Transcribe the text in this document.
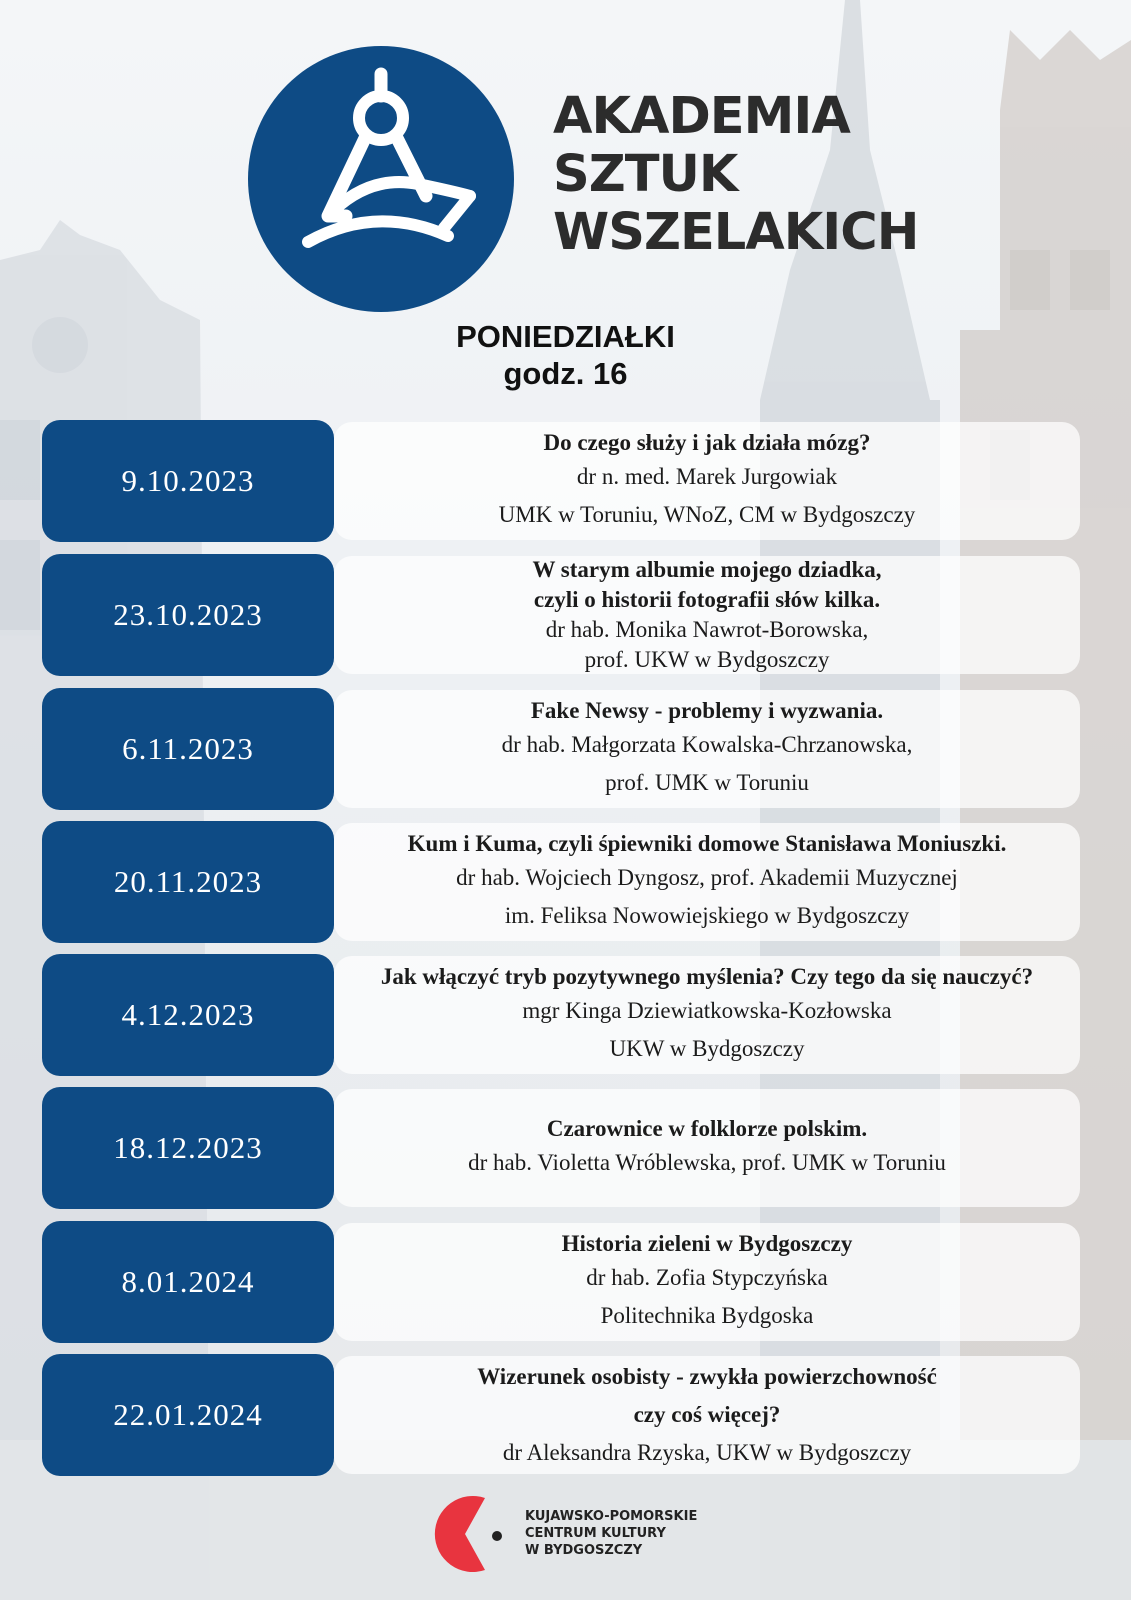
AKADEMIA
SZTUK
WSZELAKICH
PONIEDZIAŁKI
godz. 16
9.10.2023
Do czego służy i jak działa mózg?
dr n. med. Marek Jurgowiak
UMK w Toruniu, WNoZ, CM w Bydgoszczy
23.10.2023
W starym albumie mojego dziadka,
czyli o historii fotografii słów kilka.
dr hab. Monika Nawrot-Borowska,
prof. UKW w Bydgoszczy
6.11.2023
Fake Newsy - problemy i wyzwania.
dr hab. Małgorzata Kowalska-Chrzanowska,
prof. UMK w Toruniu
20.11.2023
Kum i Kuma, czyli śpiewniki domowe Stanisława Moniuszki.
dr hab. Wojciech Dyngosz, prof. Akademii Muzycznej
im. Feliksa Nowowiejskiego w Bydgoszczy
4.12.2023
Jak włączyć tryb pozytywnego myślenia? Czy tego da się nauczyć?
mgr Kinga Dziewiatkowska-Kozłowska
UKW w Bydgoszczy
18.12.2023
Czarownice w folklorze polskim.
dr hab. Violetta Wróblewska, prof. UMK w Toruniu
8.01.2024
Historia zieleni w Bydgoszczy
dr hab. Zofia Stypczyńska
Politechnika Bydgoska
22.01.2024
Wizerunek osobisty - zwykła powierzchowność
czy coś więcej?
dr Aleksandra Rzyska, UKW w Bydgoszczy
KUJAWSKO-POMORSKIE
CENTRUM KULTURY
W BYDGOSZCZY
